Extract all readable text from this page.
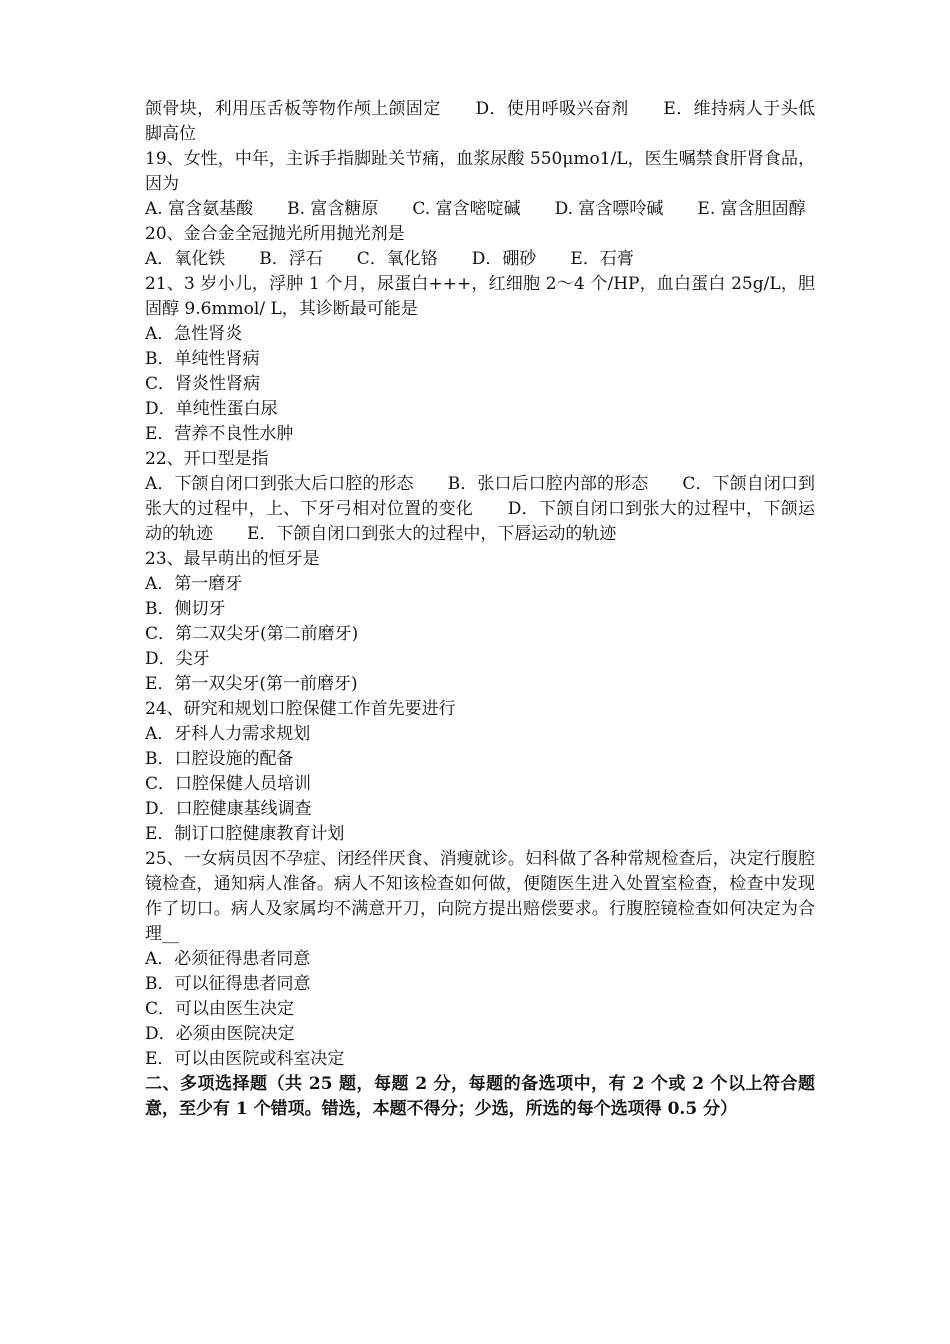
颌骨块，利用压舌板等物作颅上颌固定　　D．使用呼吸兴奋剂　　E．维持病人于头低脚高位
19、女性，中年，主诉手指脚趾关节痛，血浆尿酸 550μmo1/L，医生嘱禁食肝肾食品，因为
A. 富含氨基酸　　B. 富含糖原　　C. 富含嘧啶碱　　D. 富含嘌呤碱　　E. 富含胆固醇
20、金合金全冠抛光所用抛光剂是
A．氧化铁　　B．浮石　　C．氧化铬　　D．硼砂　　E．石膏
21、3 岁小儿，浮肿 1 个月，尿蛋白+++，红细胞 2～4 个/HP，血白蛋白 25g/L，胆固醇 9.6mmol/ L，其诊断最可能是
A．急性肾炎
B．单纯性肾病
C．肾炎性肾病
D．单纯性蛋白尿
E．营养不良性水肿
22、开口型是指
A．下颌自闭口到张大后口腔的形态　　B．张口后口腔内部的形态　　C．下颌自闭口到张大的过程中，上、下牙弓相对位置的变化　　D．下颌自闭口到张大的过程中，下颌运动的轨迹　　E．下颌自闭口到张大的过程中，下唇运动的轨迹
23、最早萌出的恒牙是
A．第一磨牙
B．侧切牙
C．第二双尖牙(第二前磨牙)
D．尖牙
E．第一双尖牙(第一前磨牙)
24、研究和规划口腔保健工作首先要进行
A．牙科人力需求规划
B．口腔设施的配备
C．口腔保健人员培训
D．口腔健康基线调查
E．制订口腔健康教育计划
25、一女病员因不孕症、闭经伴厌食、消瘦就诊。妇科做了各种常规检查后，决定行腹腔镜检查，通知病人准备。病人不知该检查如何做，便随医生进入处置室检查，检查中发现作了切口。病人及家属均不满意开刀，向院方提出赔偿要求。行腹腔镜检查如何决定为合理__
A．必须征得患者同意
B．可以征得患者同意
C．可以由医生决定
D．必须由医院决定
E．可以由医院或科室决定
二、多项选择题（共 25 题，每题 2 分，每题的备选项中，有 2 个或 2 个以上符合题意，至少有 1 个错项。错选，本题不得分；少选，所选的每个选项得 0.5 分）
